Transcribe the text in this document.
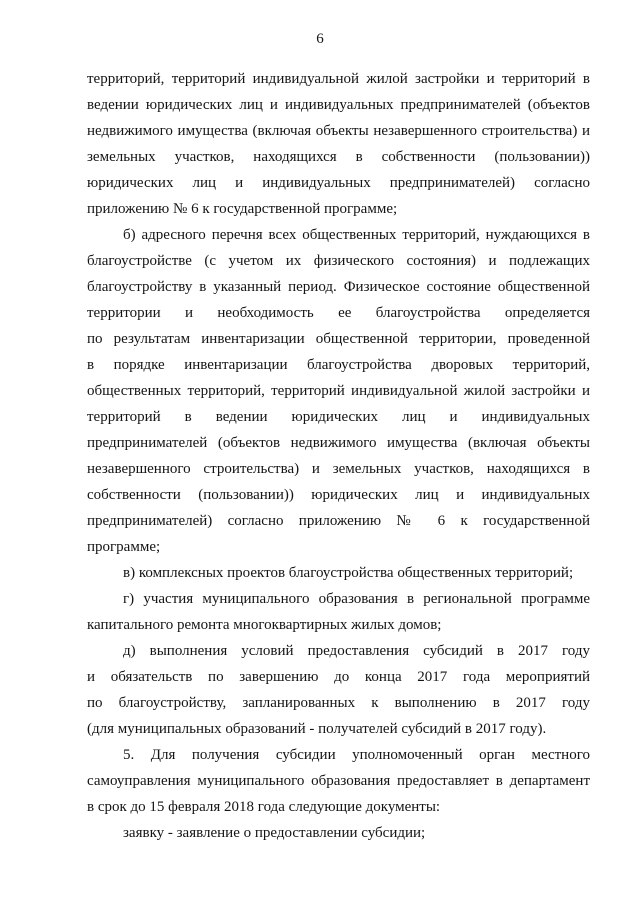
6
территорий, территорий индивидуальной жилой застройки и территорий в
ведении юридических лиц и индивидуальных предпринимателей (объектов
недвижимого имущества (включая объекты незавершенного строительства) и
земельных участков, находящихся в собственности (пользовании))
юридических лиц и индивидуальных предпринимателей) согласно
приложению № 6 к государственной программе;
б) адресного перечня всех общественных территорий, нуждающихся в
благоустройстве (с учетом их физического состояния) и подлежащих
благоустройству в указанный период. Физическое состояние общественной
территории и необходимость ее благоустройства определяется
по результатам инвентаризации общественной территории, проведенной
в порядке инвентаризации благоустройства дворовых территорий,
общественных территорий, территорий индивидуальной жилой застройки и
территорий в ведении юридических лиц и индивидуальных
предпринимателей (объектов недвижимого имущества (включая объекты
незавершенного строительства) и земельных участков, находящихся в
собственности (пользовании)) юридических лиц и индивидуальных
предпринимателей) согласно приложению № 6 к государственной
программе;
в) комплексных проектов благоустройства общественных территорий;
г) участия муниципального образования в региональной программе
капитального ремонта многоквартирных жилых домов;
д) выполнения условий предоставления субсидий в 2017 году
и обязательств по завершению до конца 2017 года мероприятий
по благоустройству, запланированных к выполнению в 2017 году
(для муниципальных образований - получателей субсидий в 2017 году).
5. Для получения субсидии уполномоченный орган местного
самоуправления муниципального образования предоставляет в департамент
в срок до 15 февраля 2018 года следующие документы:
заявку - заявление о предоставлении субсидии;
